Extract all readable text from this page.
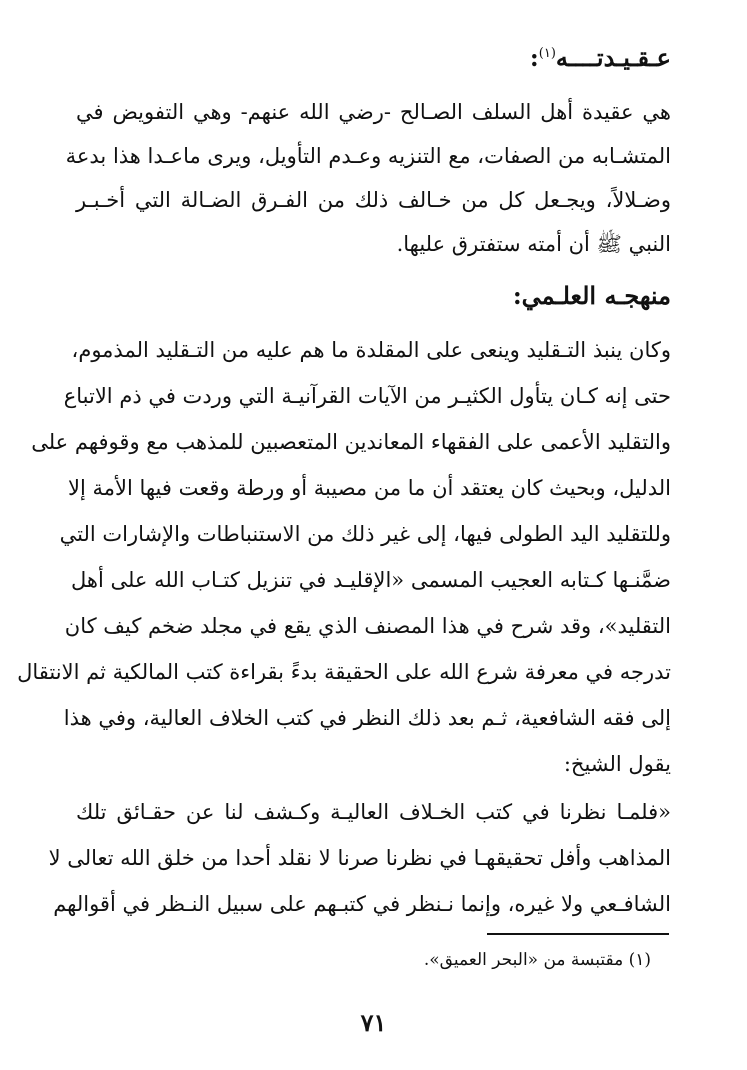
عـقـيـدتــــه$^{(١)}$:
هي عقيدة أهل السلف الصـالح -رضي الله عنهم- وهي التفويض في
المتشـابه من الصفات، مع التنزيه وعـدم التأويل، ويرى ماعـدا هذا بدعة
وضـلالاً، ويجـعل كل من خـالف ذلك من الفـرق الضـالة التي أخـبـر
النبي ﷺ أن أمته ستفترق عليها.
منهجـه العلـمي:
وكان ينبذ التـقليد وينعى على المقلدة ما هم عليه من التـقليد المذموم،
حتى إنه كـان يتأول الكثيـر من الآيات القرآنيـة التي وردت في ذم الاتباع
والتقليد الأعمى على الفقهاء المعاندين المتعصبين للمذهب مع وقوفهم على
الدليل، وبحيث كان يعتقد أن ما من مصيبة أو ورطة وقعت فيها الأمة إلا
وللتقليد اليد الطولى فيها، إلى غير ذلك من الاستنباطات والإشارات التي
ضمَّنـها كـتابه العجيب المسمى «الإقليـد في تنزيل كتـاب الله على أهل
التقليد»، وقد شرح في هذا المصنف الذي يقع في مجلد ضخم كيف كان
تدرجه في معرفة شرع الله على الحقيقة بدءً بقراءة كتب المالكية ثم الانتقال
إلى فقه الشافعية، ثـم بعد ذلك النظر في كتب الخلاف العالية، وفي هذا
يقول الشيخ:
«فلمـا نظرنا في كتب الخـلاف العاليـة وكـشف لنا عن حقـائق تلك
المذاهب وأفل تحقيقهـا في نظرنا صرنا لا نقلد أحدا من خلق الله تعالى لا
الشافـعي ولا غيره، وإنما نـنظر في كتبـهم على سبيل النـظر في أقوالهم
(١) مقتبسة من «البحر العميق».
٧١
